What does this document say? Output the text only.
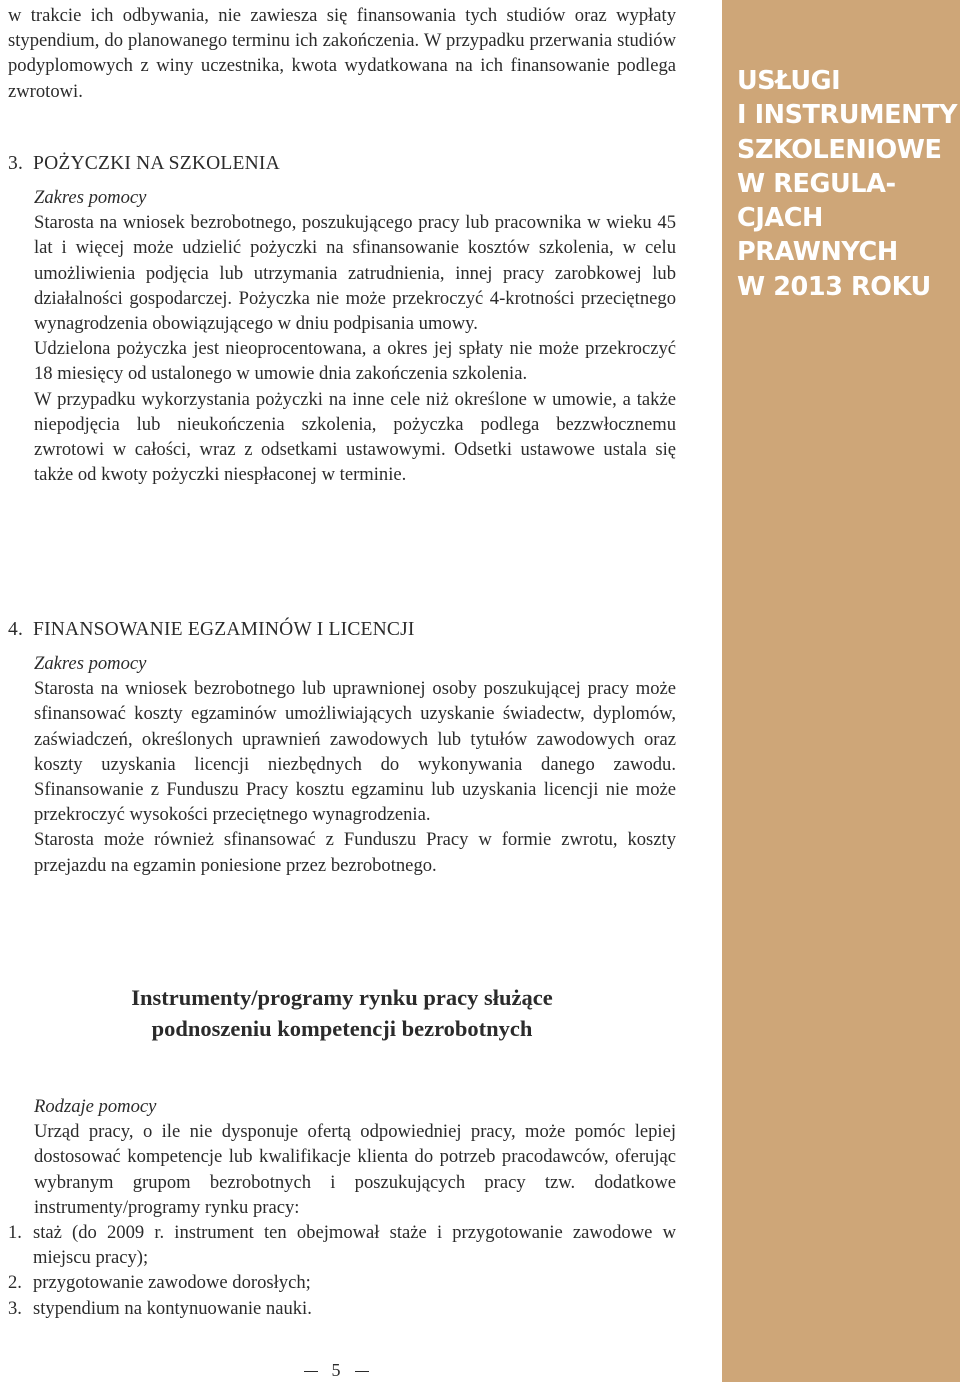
w trakcie ich odbywania, nie zawiesza się finansowania tych studiów oraz wypłaty stypendium, do planowanego terminu ich zakończenia. W przypadku przerwania studiów podyplomowych z winy uczestnika, kwota wydatkowana na ich finansowanie podlega zwrotowi.

3. POŻYCZKI NA SZKOLENIA

Zakres pomocy

Starosta na wniosek bezrobotnego, poszukującego pracy lub pracownika w wieku 45 lat i więcej może udzielić pożyczki na sfinansowanie kosztów szkolenia, w celu umożliwienia podjęcia lub utrzymania zatrudnienia, innej pracy zarobkowej lub działalności gospodarczej. Pożyczka nie może przekroczyć 4-krotności przeciętnego wynagrodzenia obowiązującego w dniu podpisania umowy.

Udzielona pożyczka jest nieoprocentowana, a okres jej spłaty nie może przekroczyć 18 miesięcy od ustalonego w umowie dnia zakończenia szkolenia.

W przypadku wykorzystania pożyczki na inne cele niż określone w umowie, a także niepodjęcia lub nieukończenia szkolenia, pożyczka podlega bezzwłocznemu zwrotowi w całości, wraz z odsetkami ustawowymi. Odsetki ustawowe ustala się także od kwoty pożyczki niespłaconej w terminie.

4. FINANSOWANIE EGZAMINÓW I LICENCJI

Zakres pomocy

Starosta na wniosek bezrobotnego lub uprawnionej osoby poszukującej pracy może sfinansować koszty egzaminów umożliwiających uzyskanie świadectw, dyplomów, zaświadczeń, określonych uprawnień zawodowych lub tytułów zawodowych oraz koszty uzyskania licencji niezbędnych do wykonywania danego zawodu. Sfinansowanie z Funduszu Pracy kosztu egzaminu lub uzyskania licencji nie może przekroczyć wysokości przeciętnego wynagrodzenia.

Starosta może również sfinansować z Funduszu Pracy w formie zwrotu, koszty przejazdu na egzamin poniesione przez bezrobotnego.

Instrumenty/programy rynku pracy służące
podnoszeniu kompetencji bezrobotnych

Rodzaje pomocy

Urząd pracy, o ile nie dysponuje ofertą odpowiedniej pracy, może pomóc lepiej dostosować kompetencje lub kwalifikacje klienta do potrzeb pracodawców, oferując wybranym grupom bezrobotnych i poszukujących pracy tzw. dodatkowe instrumenty/programy rynku pracy:

1. staż (do 2009 r. instrument ten obejmował staże i przygotowanie zawodowe w miejscu pracy);
2. przygotowanie zawodowe dorosłych;
3. stypendium na kontynuowanie nauki.
5
USŁUGI
I INSTRUMENTY
SZKOLENIOWE
W REGULA-
CJACH
PRAWNYCH
W 2013 ROKU
